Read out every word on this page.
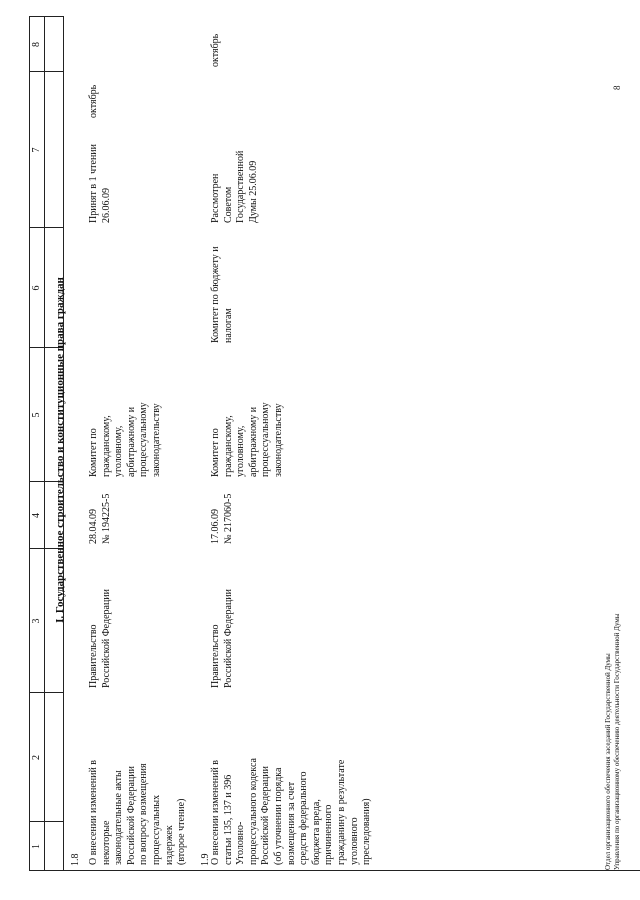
1
2
3
4
5
6
7
8
I. Государственное строительство и конституционные права граждан
1.8 О внесении изменений в некоторые законодательные акты Российской Федерации по вопросу возмещения процессуальных издержек (второе чтение)
Правительство Российской Федерации
28.04.09 № 194225-5
Комитет по гражданскому, уголовному, арбитражному и процессуальному законодательству
Принят в 1 чтении 26.06.09
октябрь
1.9 О внесении изменений в статьи 135, 137 и 396 Уголовно- процессуального кодекса Российской Федерации (об уточнении порядка возмещения за счет средств федерального бюджета вреда, причиненного гражданину в результате уголовного преследования)
Правительство Российской Федерации
17.06.09 № 217060-5
Комитет по гражданскому, уголовному, арбитражному и процессуальному законодательству
Комитет по бюджету и налогам
Рассмотрен Советом Государственной Думы 25.06.09
октябрь
Отдел организационного обеспечения заседаний Государственной Думы Управления по организационному обеспечению деятельности Государственной Думы
8
